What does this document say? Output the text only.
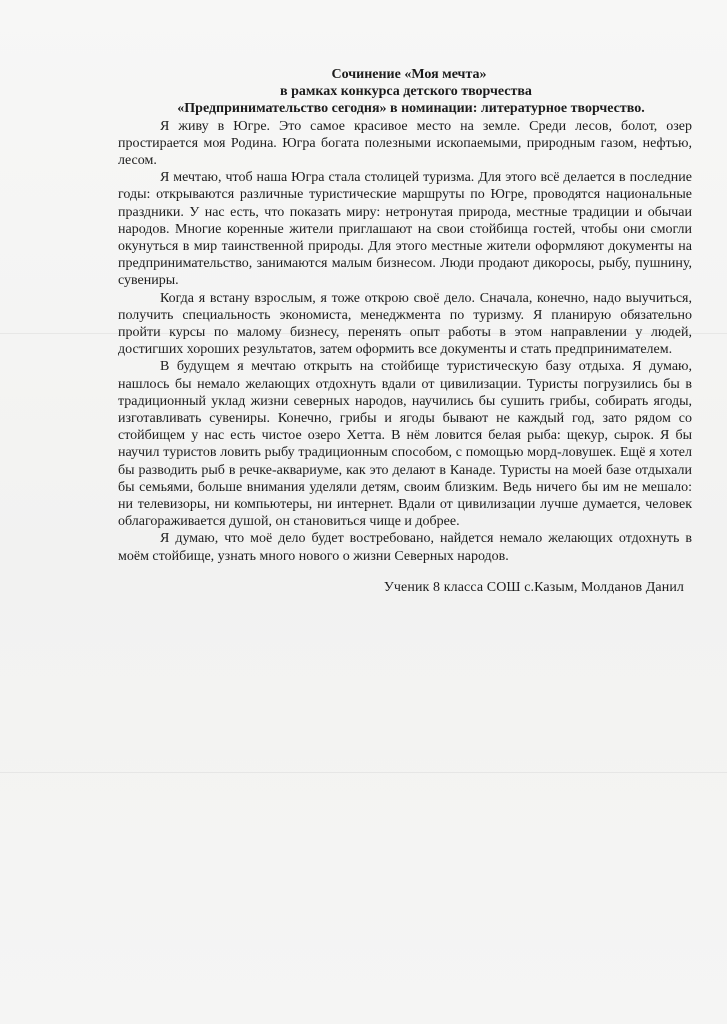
Сочинение «Моя мечта»

в рамках конкурса детского творчества

«Предпринимательство сегодня» в номинации: литературное творчество.

Я живу в Югре. Это самое красивое место на земле. Среди лесов, болот, озер простирается моя Родина. Югра богата полезными ископаемыми, природным газом, нефтью, лесом.

Я мечтаю, чтоб наша Югра стала столицей туризма. Для этого всё делается в последние годы: открываются различные туристические маршруты по Югре, проводятся национальные праздники. У нас есть, что показать миру: нетронутая природа, местные традиции и обычаи народов. Многие коренные жители приглашают на свои стойбища гостей, чтобы они смогли окунуться в мир таинственной природы. Для этого местные жители оформляют документы на предпринимательство, занимаются малым бизнесом. Люди продают дикоросы, рыбу, пушнину, сувениры.

Когда я встану взрослым, я тоже открою своё дело. Сначала, конечно, надо выучиться, получить специальность экономиста, менеджмента по туризму. Я планирую обязательно пройти курсы по малому бизнесу, перенять опыт работы в этом направлении у людей, достигших хороших результатов, затем оформить все документы и стать предпринимателем.

В будущем я мечтаю открыть на стойбище туристическую базу отдыха. Я думаю, нашлось бы немало желающих отдохнуть вдали от цивилизации. Туристы погрузились бы в традиционный уклад жизни северных народов, научились бы сушить грибы, собирать ягоды, изготавливать сувениры. Конечно, грибы и ягоды бывают не каждый год, зато рядом со стойбищем у нас есть чистое озеро Хетта. В нём ловится белая рыба: щекур, сырок. Я бы научил туристов ловить рыбу традиционным способом, с помощью морд-ловушек. Ещё я хотел бы разводить рыб в речке-аквариуме, как это делают в Канаде. Туристы на моей базе отдыхали бы семьями, больше внимания уделяли детям, своим близким. Ведь ничего бы им не мешало: ни телевизоры, ни компьютеры, ни интернет. Вдали от цивилизации лучше думается, человек облагораживается душой, он становиться чище и добрее.

Я думаю, что моё дело будет востребовано, найдется немало желающих отдохнуть в моём стойбище, узнать много нового о жизни Северных народов.

Ученик 8 класса СОШ с.Казым, Молданов Данил
